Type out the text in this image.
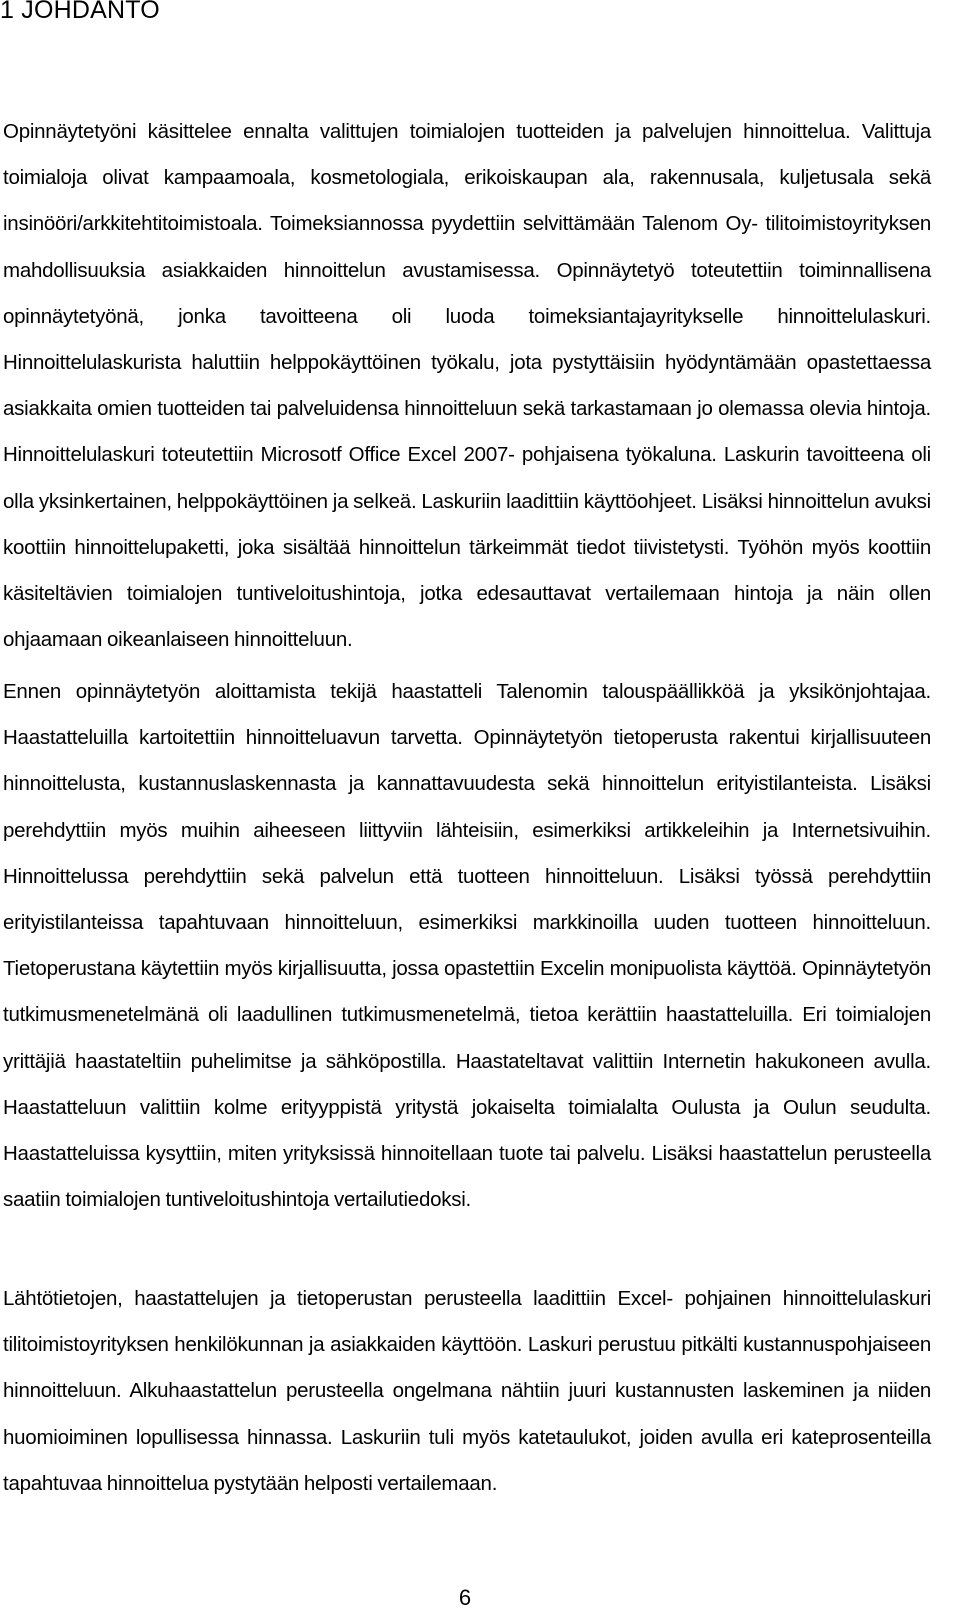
1 JOHDANTO

Opinnäytetyöni käsittelee ennalta valittujen toimialojen tuotteiden ja palvelujen hinnoittelua. Valittuja toimialoja olivat kampaamoala, kosmetologiala, erikoiskaupan ala, rakennusala, kuljetusala sekä insinööri/arkkitehtitoimistoala. Toimeksiannossa pyydettiin selvittämään Talenom Oy- tilitoimistoyrityksen mahdollisuuksia asiakkaiden hinnoittelun avustamisessa. Opinnäytetyö toteutettiin toiminnallisena opinnäytetyönä, jonka tavoitteena oli luoda toimeksiantajayritykselle hinnoittelulaskuri. Hinnoittelulaskurista haluttiin helppokäyttöinen työkalu, jota pystyttäisiin hyödyntämään opastettaessa asiakkaita omien tuotteiden tai palveluidensa hinnoitteluun sekä tarkastamaan jo olemassa olevia hintoja. Hinnoittelulaskuri toteutettiin Microsotf Office Excel 2007- pohjaisena työkaluna. Laskurin tavoitteena oli olla yksinkertainen, helppokäyttöinen ja selkeä. Laskuriin laadittiin käyttöohjeet. Lisäksi hinnoittelun avuksi koottiin hinnoittelupaketti, joka sisältää hinnoittelun tärkeimmät tiedot tiivistetysti. Työhön myös koottiin käsiteltävien toimialojen tuntiveloitushintoja, jotka edesauttavat vertailemaan hintoja ja näin ollen ohjaamaan oikeanlaiseen hinnoitteluun.

Ennen opinnäytetyön aloittamista tekijä haastatteli Talenomin talouspäällikköä ja yksikönjohtajaa. Haastatteluilla kartoitettiin hinnoitteluavun tarvetta. Opinnäytetyön tietoperusta rakentui kirjallisuuteen hinnoittelusta, kustannuslaskennasta ja kannattavuudesta sekä hinnoittelun erityistilanteista. Lisäksi perehdyttiin myös muihin aiheeseen liittyviin lähteisiin, esimerkiksi artikkeleihin ja Internetsivuihin. Hinnoittelussa perehdyttiin sekä palvelun että tuotteen hinnoitteluun. Lisäksi työssä perehdyttiin erityistilanteissa tapahtuvaan hinnoitteluun, esimerkiksi markkinoilla uuden tuotteen hinnoitteluun. Tietoperustana käytettiin myös kirjallisuutta, jossa opastettiin Excelin monipuolista käyttöä. Opinnäytetyön tutkimusmenetelmänä oli laadullinen tutkimusmenetelmä, tietoa kerättiin haastatteluilla. Eri toimialojen yrittäjiä haastateltiin puhelimitse ja sähköpostilla. Haastateltavat valittiin Internetin hakukoneen avulla. Haastatteluun valittiin kolme erityyppistä yritystä jokaiselta toimialalta Oulusta ja Oulun seudulta. Haastatteluissa kysyttiin, miten yrityksissä hinnoitellaan tuote tai palvelu. Lisäksi haastattelun perusteella saatiin toimialojen tuntiveloitushintoja vertailutiedoksi.

Lähtötietojen, haastattelujen ja tietoperustan perusteella laadittiin Excel- pohjainen hinnoittelulaskuri tilitoimistoyrityksen henkilökunnan ja asiakkaiden käyttöön. Laskuri perustuu pitkälti kustannuspohjaiseen hinnoitteluun. Alkuhaastattelun perusteella ongelmana nähtiin juuri kustannusten laskeminen ja niiden huomioiminen lopullisessa hinnassa. Laskuriin tuli myös katetaulukot, joiden avulla eri kateprosenteilla tapahtuvaa hinnoittelua pystytään helposti vertailemaan.

6
